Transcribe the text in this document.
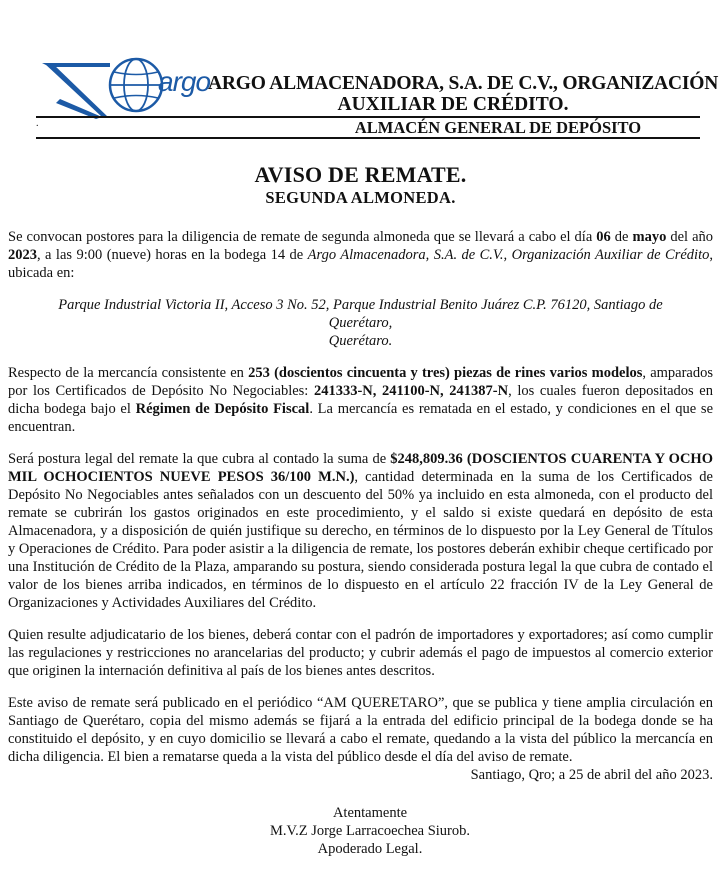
argo
ARGO ALMACENADORA, S.A. DE C.V., ORGANIZACIÓN
AUXILIAR DE CRÉDITO.
.	ALMACÉN GENERAL DE DEPÓSITO
AVISO DE REMATE.
SEGUNDA ALMONEDA.

Se convocan postores para la diligencia de remate de segunda almoneda que se llevará a cabo el día 06 de mayo del año 2023, a las 9:00 (nueve) horas en la bodega 14 de Argo Almacenadora, S.A. de C.V., Organización Auxiliar de Crédito, ubicada en:

Parque Industrial Victoria II, Acceso 3 No. 52, Parque Industrial Benito Juárez C.P. 76120, Santiago de Querétaro,
Querétaro.

Respecto de la mercancía consistente en 253 (doscientos cincuenta y tres) piezas de rines varios modelos, amparados por los Certificados de Depósito No Negociables: 241333-N, 241100-N, 241387-N, los cuales fueron depositados en dicha bodega bajo el Régimen de Depósito Fiscal. La mercancía es rematada en el estado, y condiciones en el que se encuentran.

Será postura legal del remate la que cubra al contado la suma de $248,809.36 (DOSCIENTOS CUARENTA Y OCHO MIL OCHOCIENTOS NUEVE PESOS 36/100 M.N.), cantidad determinada en la suma de los Certificados de Depósito No Negociables antes señalados con un descuento del 50% ya incluido en esta almoneda, con el producto del remate se cubrirán los gastos originados en este procedimiento, y el saldo si existe quedará en depósito de esta Almacenadora, y a disposición de quién justifique su derecho, en términos de lo dispuesto por la Ley General de Títulos y Operaciones de Crédito. Para poder asistir a la diligencia de remate, los postores deberán exhibir cheque certificado por una Institución de Crédito de la Plaza, amparando su postura, siendo considerada postura legal la que cubra de contado el valor de los bienes arriba indicados, en términos de lo dispuesto en el artículo 22 fracción IV de la Ley General de Organizaciones y Actividades Auxiliares del Crédito.

Quien resulte adjudicatario de los bienes, deberá contar con el padrón de importadores y exportadores; así como cumplir las regulaciones y restricciones no arancelarias del producto; y cubrir además el pago de impuestos al comercio exterior que originen la internación definitiva al país de los bienes antes descritos.

Este aviso de remate será publicado en el periódico “AM QUERETARO”, que se publica y tiene amplia circulación en Santiago de Querétaro, copia del mismo además se fijará a la entrada del edificio principal de la bodega donde se ha constituido el depósito, y en cuyo domicilio se llevará a cabo el remate, quedando a la vista del público la mercancía en dicha diligencia. El bien a rematarse queda a la vista del público desde el día del aviso de remate.

Santiago, Qro; a 25 de abril del año 2023.

Atentamente
M.V.Z Jorge Larracoechea Siurob.
Apoderado Legal.
